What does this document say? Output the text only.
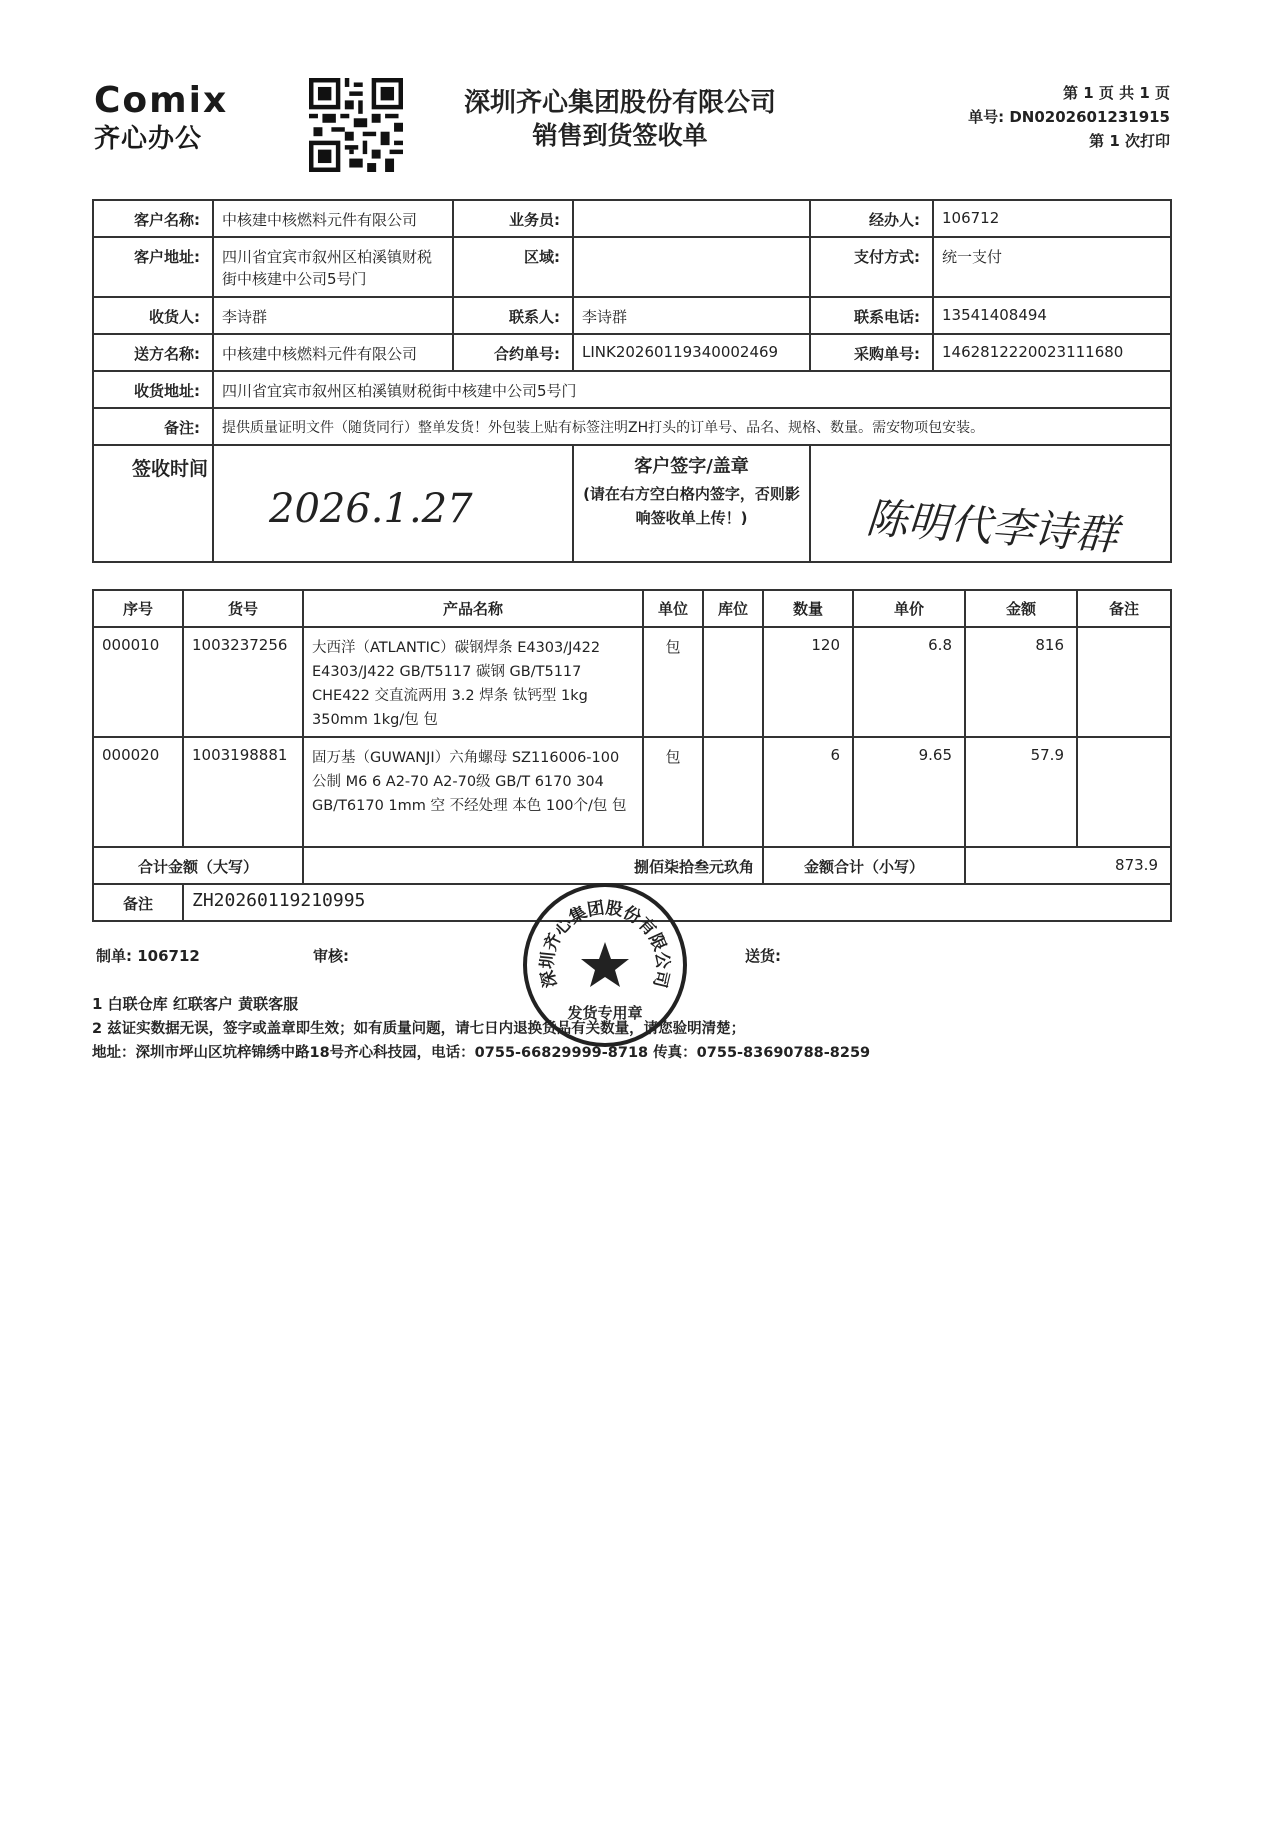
Comix
齐心办公
深圳齐心集团股份有限公司
销售到货签收单
第 1 页 共 1 页
单号: DN0202601231915
第 1 次打印
客户名称:	中核建中核燃料元件有限公司	业务员:		经办人:	106712
客户地址:	四川省宜宾市叙州区柏溪镇财税街中核建中公司5号门	区域:		支付方式:	统一支付
收货人:	李诗群	联系人:	李诗群	联系电话:	13541408494
送方名称:	中核建中核燃料元件有限公司	合约单号:	LINK20260119340002469	采购单号:	1462812220023111680
收货地址:	四川省宜宾市叙州区柏溪镇财税街中核建中公司5号门				
备注:	提供质量证明文件（随货同行）整单发货！外包装上贴有标签注明ZH打头的订单号、品名、规格、数量。需安物项包安装。				
签收时间	2026.1.27		客户签字/盖章
(请在右方空白格内签字，否则影响签收单上传！)	陈明代李诗群	
序号	货号	产品名称	单位	库位	数量	单价	金额	备注
000010	1003237256	大西洋（ATLANTIC）碳钢焊条 E4303/J422 E4303/J422 GB/T5117 碳钢 GB/T5117 CHE422 交直流两用 3.2 焊条 钛钙型 1kg 350mm 1kg/包 包	包		120	6.8	816	
000020	1003198881	固万基（GUWANJI）六角螺母 SZ116006-100 公制 M6 6 A2-70 A2-70级 GB/T 6170 304 GB/T6170 1mm 空 不经处理 本色 100个/包 包	包		6	9.65	57.9	
合计金额（大写）		捌佰柒拾叁元玖角			金额合计（小写）		873.9	
备注	ZH20260119210995							
制单: 106712	审核:	送货:
1 白联仓库 红联客户 黄联客服
2 兹证实数据无误，签字或盖章即生效；如有质量问题，请七日内退换货品有关数量，请您验明清楚；
地址：深圳市坪山区坑梓锦绣中路18号齐心科技园，电话：0755-66829999-8718 传真：0755-83690788-8259
深圳齐心集团股份有限公司
发货专用章
